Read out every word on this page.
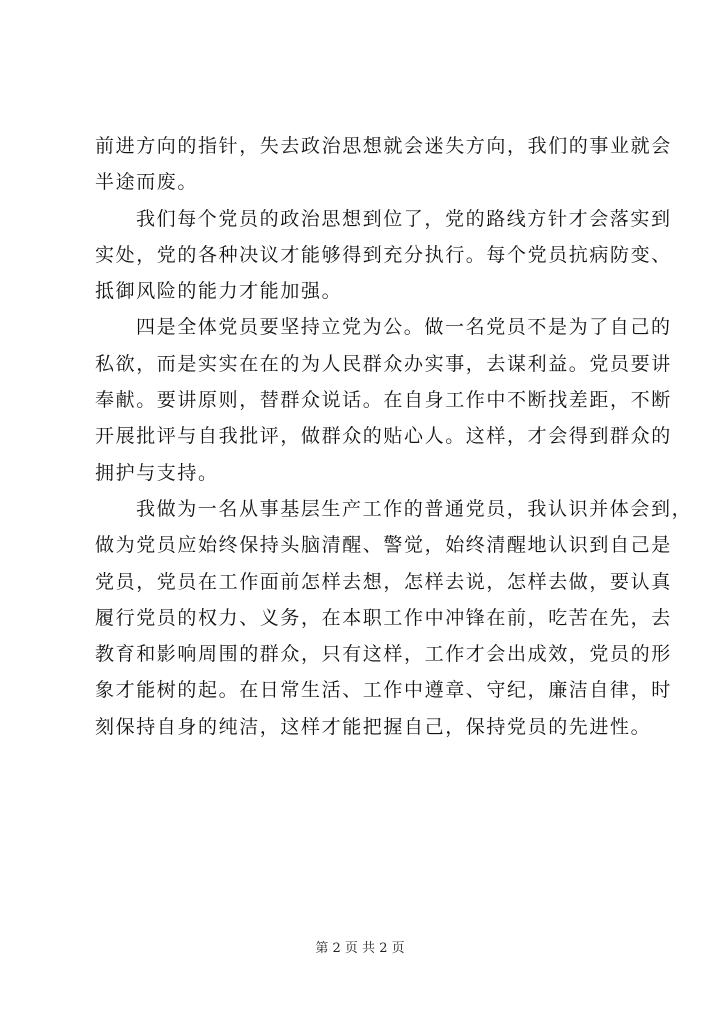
前进方向的指针，失去政治思想就会迷失方向，我们的事业就会
半途而废。
我们每个党员的政治思想到位了，党的路线方针才会落实到
实处，党的各种决议才能够得到充分执行。每个党员抗病防变、
抵御风险的能力才能加强。
四是全体党员要坚持立党为公。做一名党员不是为了自己的
私欲，而是实实在在的为人民群众办实事，去谋利益。党员要讲
奉献。要讲原则，替群众说话。在自身工作中不断找差距，不断
开展批评与自我批评，做群众的贴心人。这样，才会得到群众的
拥护与支持。
我做为一名从事基层生产工作的普通党员，我认识并体会到，
做为党员应始终保持头脑清醒、警觉，始终清醒地认识到自己是
党员，党员在工作面前怎样去想，怎样去说，怎样去做，要认真
履行党员的权力、义务，在本职工作中冲锋在前，吃苦在先，去
教育和影响周围的群众，只有这样，工作才会出成效，党员的形
象才能树的起。在日常生活、工作中遵章、守纪，廉洁自律，时
刻保持自身的纯洁，这样才能把握自己，保持党员的先进性。
第 2 页 共 2 页
